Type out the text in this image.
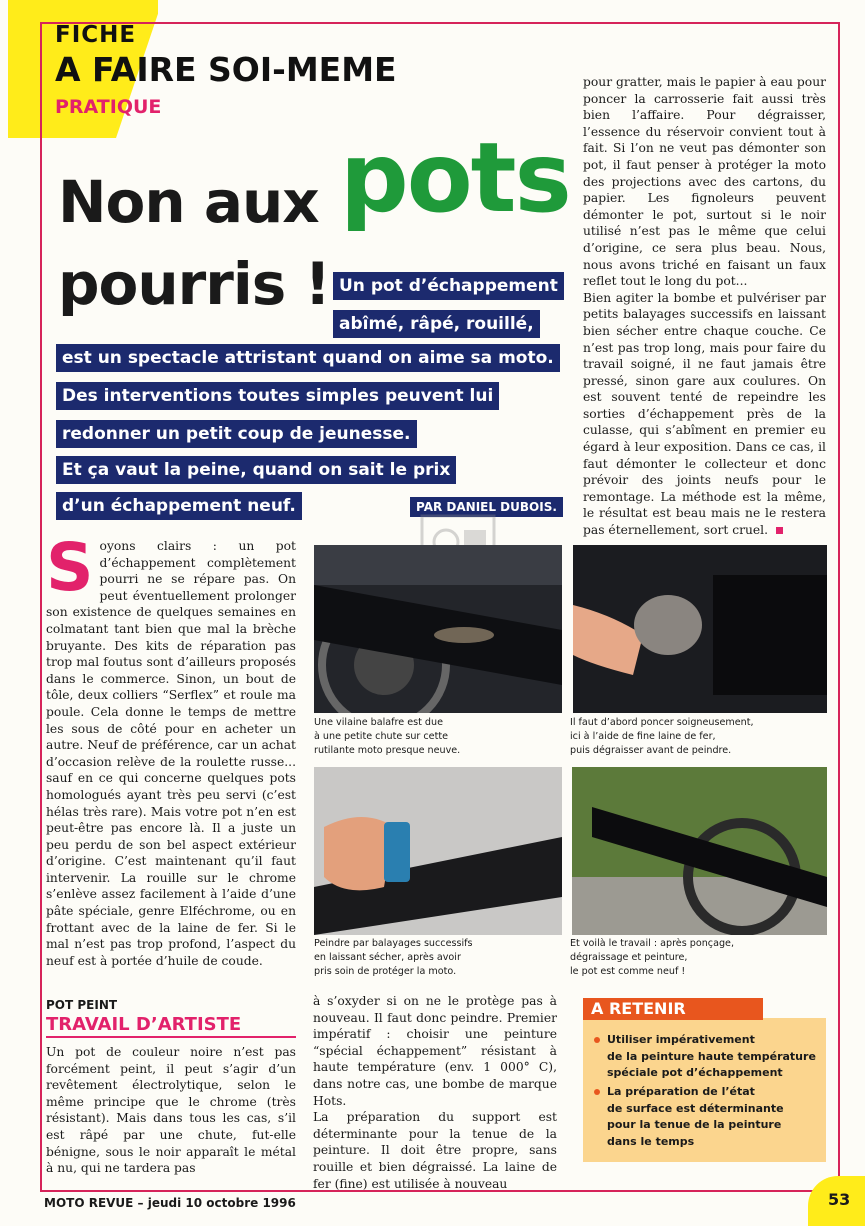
FICHE
A FAIRE SOI-MEME
PRATIQUE
Non aux pots
pourris ! Un pot d’échappement
abîmé, râpé, rouillé,
est un spectacle attristant quand on aime sa moto.
Des interventions toutes simples peuvent lui
redonner un petit coup de jeunesse.
Et ça vaut la peine, quand on sait le prix
d’un échappement neuf.	PAR DANIEL DUBOIS.

pour gratter, mais le papier à eau pour poncer la carrosserie fait aussi très bien l’affaire. Pour dégraisser, l’essence du réservoir convient tout à fait. Si l’on ne veut pas démonter son pot, il faut penser à protéger la moto des projections avec des cartons, du papier. Les fignoleurs peuvent démonter le pot, surtout si le noir utilisé n’est pas le même que celui d’origine, ce sera plus beau. Nous, nous avons triché en faisant un faux reflet tout le long du pot...

Bien agiter la bombe et pulvériser par petits balayages successifs en laissant bien sécher entre chaque couche. Ce n’est pas trop long, mais pour faire du travail soigné, il ne faut jamais être pressé, sinon gare aux coulures. On est souvent tenté de repeindre les sorties d’échappement près de la culasse, qui s’abîment en premier eu égard à leur exposition. Dans ce cas, il faut démonter le collecteur et donc prévoir des joints neufs pour le remontage. La méthode est la même, le résultat est beau mais ne le restera pas éternellement, sort cruel.

S oyons clairs : un pot d’échappement complètement pourri ne se répare pas. On peut éventuellement prolonger son existence de quelques semaines en colmatant tant bien que mal la brèche bruyante. Des kits de réparation pas trop mal foutus sont d’ailleurs proposés dans le commerce. Sinon, un bout de tôle, deux colliers “Serflex” et roule ma poule. Cela donne le temps de mettre les sous de côté pour en acheter un autre. Neuf de préférence, car un achat d’occasion relève de la roulette russe... sauf en ce qui concerne quelques pots homologués ayant très peu servi (c’est hélas très rare). Mais votre pot n’en est peut-être pas encore là. Il a juste un peu perdu de son bel aspect extérieur d’origine. C’est maintenant qu’il faut intervenir. La rouille sur le chrome s’enlève assez facilement à l’aide d’une pâte spéciale, genre Elféchrome, ou en frottant avec de la laine de fer. Si le mal n’est pas trop profond, l’aspect du neuf est à portée d’huile de coude.

POT PEINT
TRAVAIL D’ARTISTE

Un pot de couleur noire n’est pas forcément peint, il peut s’agir d’un revêtement électrolytique, selon le même principe que le chrome (très résistant). Mais dans tous les cas, s’il est râpé par une chute, fut-elle bénigne, sous le noir apparaît le métal à nu, qui ne tardera pas

à s’oxyder si on ne le protège pas à nouveau. Il faut donc peindre. Premier impératif : choisir une peinture “spécial échappement” résistant à haute température (env. 1 000° C), dans notre cas, une bombe de marque Hots.

La préparation du support est déterminante pour la tenue de la peinture. Il doit être propre, sans rouille et bien dégraissé. La laine de fer (fine) est utilisée à nouveau

Une vilaine balafre est due
à une petite chute sur cette
rutilante moto presque neuve.
Il faut d’abord poncer soigneusement,
ici à l’aide de fine laine de fer,
puis dégraisser avant de peindre.
Peindre par balayages successifs
en laissant sécher, après avoir
pris soin de protéger la moto.
Et voilà le travail : après ponçage,
dégraissage et peinture,
le pot est comme neuf !
A RETENIR
Utiliser impérativement
de la peinture haute température
spéciale pot d’échappement
La préparation de l’état
de surface est déterminante
pour la tenue de la peinture
dans le temps
MOTO REVUE – jeudi 10 octobre 1996	53
